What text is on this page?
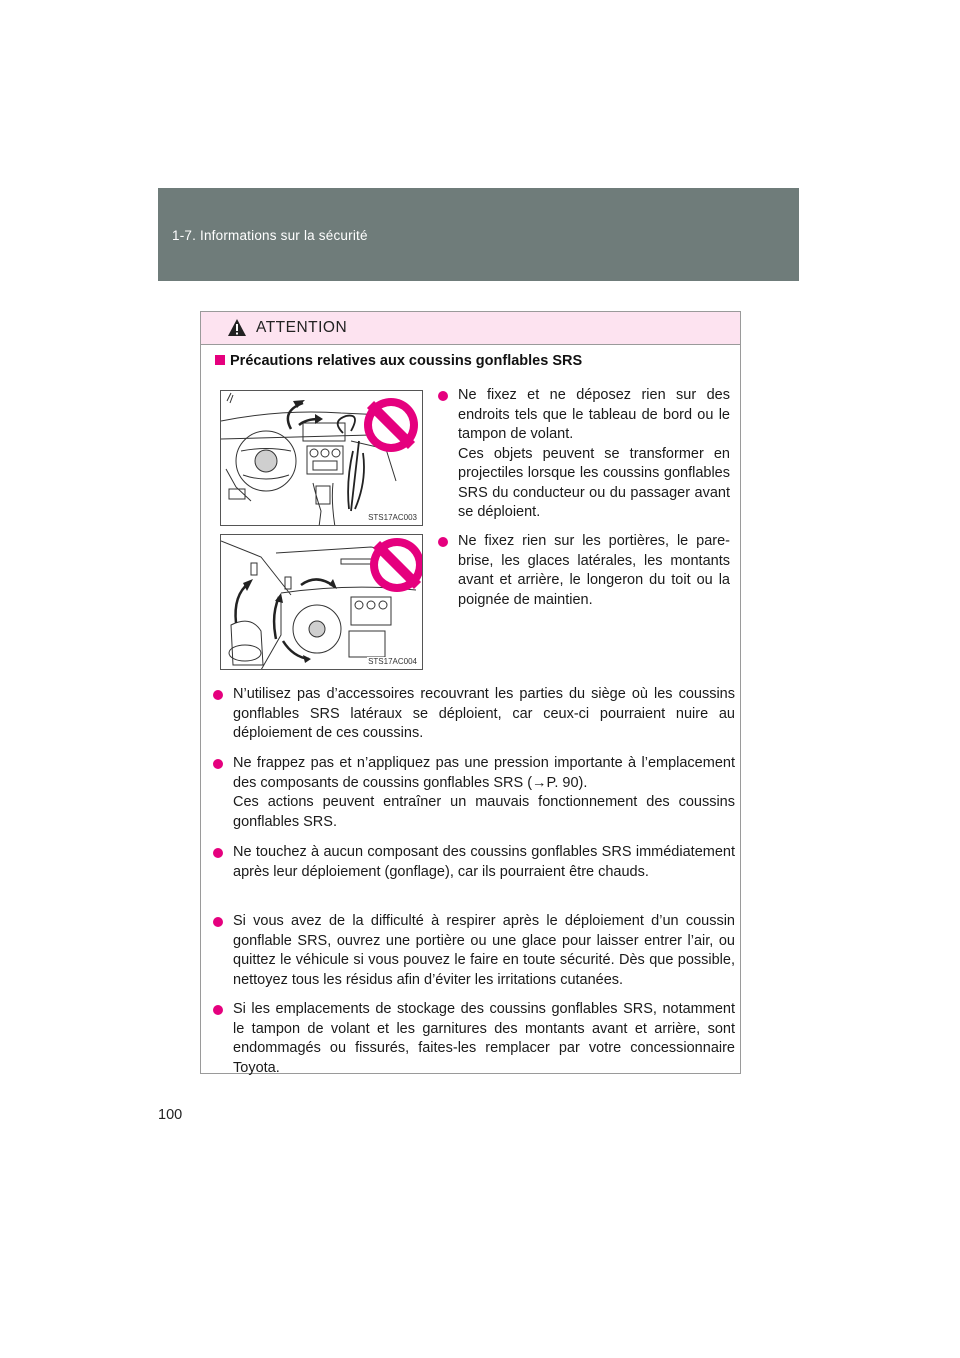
1-7. Informations sur la sécurité
ATTENTION
Précautions relatives aux coussins gonflables SRS
STS17AC003
STS17AC004

Ne fixez et ne déposez rien sur des endroits tels que le tableau de bord ou le tampon de volant.

Ces objets peuvent se transformer en projectiles lorsque les coussins gonflables SRS du conducteur ou du passager avant se déploient.

Ne fixez rien sur les portières, le pare-brise, les glaces latérales, les montants avant et arrière, le longeron du toit ou la poignée de maintien.

N’utilisez pas d’accessoires recouvrant les parties du siège où les coussins gonflables SRS latéraux se déploient, car ceux-ci pourraient nuire au déploiement de ces coussins.

Ne frappez pas et n’appliquez pas une pression importante à l’emplacement des composants de coussins gonflables SRS (→P. 90).

Ces actions peuvent entraîner un mauvais fonctionnement des coussins gonflables SRS.

Ne touchez à aucun composant des coussins gonflables SRS immédiatement après leur déploiement (gonflage), car ils pourraient être chauds.

Si vous avez de la difficulté à respirer après le déploiement d’un coussin gonflable SRS, ouvrez une portière ou une glace pour laisser entrer l’air, ou quittez le véhicule si vous pouvez le faire en toute sécurité. Dès que possible, nettoyez tous les résidus afin d’éviter les irritations cutanées.

Si les emplacements de stockage des coussins gonflables SRS, notamment le tampon de volant et les garnitures des montants avant et arrière, sont endommagés ou fissurés, faites-les remplacer par votre concessionnaire Toyota.

100
